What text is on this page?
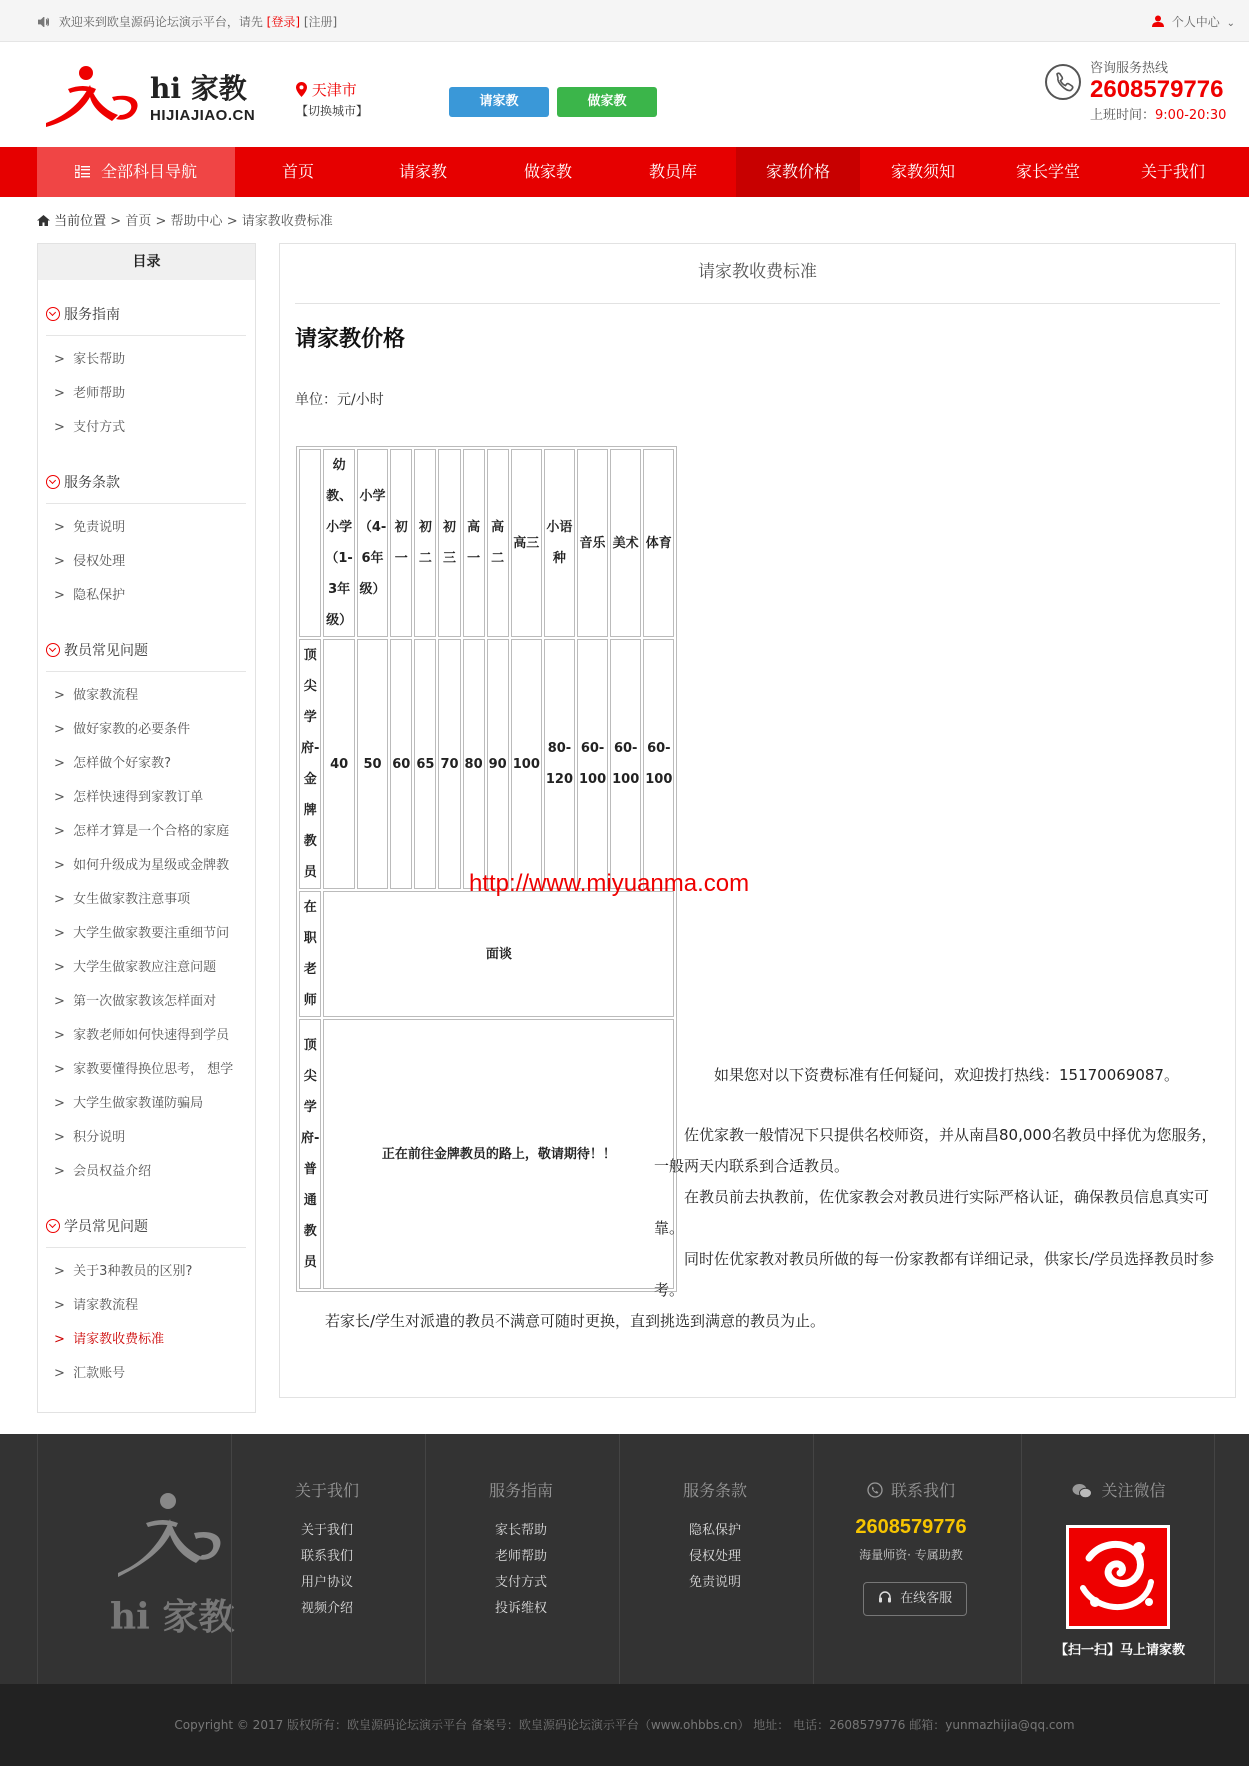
欢迎来到欧皇源码论坛演示平台，请先 [登录] [注册]	个人中心 ⌄
hi 家教
HIJIAJIAO.CN
天津市
【切换城市】
请家教	做家教
咨询服务热线
2608579776
上班时间：9:00-20:30
全部科目导航	首页	请家教	做家教	教员库	家教价格	家教须知	家长学堂	关于我们
当前位置 > 首页 > 帮助中心 > 请家教收费标准
目录
服务指南
>  家长帮助
>  老师帮助
>  支付方式
服务条款
>  免责说明
>  侵权处理
>  隐私保护
教员常见问题
>  做家教流程
>  做好家教的必要条件
>  怎样做个好家教?
>  怎样快速得到家教订单
>  怎样才算是一个合格的家庭
>  如何升级成为星级或金牌教
>  女生做家教注意事项
>  大学生做家教要注重细节问
>  大学生做家教应注意问题
>  第一次做家教该怎样面对
>  家教老师如何快速得到学员
>  家教要懂得换位思考， 想学
>  大学生做家教谨防骗局
>  积分说明
>  会员权益介绍
学员常见问题
>  关于3种教员的区别?
>  请家教流程
>  请家教收费标准
>  汇款账号
请家教收费标准
请家教价格
单位：元/小时
	幼教、小学（1-3年级）	小学（4-6年级）	初一	初二	初三	高一	高二	高三	小语种	音乐	美术	体育
顶尖学府-金牌教员	40	50	60	65	70	80	90	100	80-120	60-100	60-100	60-100
在职老师	面谈											
顶尖学府-普通教员	正在前往金牌教员的路上，敬请期待！！											
  如果您对以下资费标准有任何疑问，欢迎拨打热线：15170069087。
  佐优家教一般情况下只提供名校师资，并从南昌80,000名教员中择优为您服务，一般两天内联系到合适教员。
  在教员前去执教前，佐优家教会对教员进行实际严格认证，确保教员信息真实可靠。
  同时佐优家教对教员所做的每一份家教都有详细记录，供家长/学员选择教员时参考。
  若家长/学生对派遣的教员不满意可随时更换，直到挑选到满意的教员为止。
http://www.miyuanma.com
hi 家教
关于我们
关于我们
联系我们
用户协议
视频介绍
服务指南
家长帮助
老师帮助
支付方式
投诉维权
服务条款
隐私保护
侵权处理
免责说明
联系我们
2608579776
海量师资· 专属助教
在线客服
关注微信
【扫一扫】马上请家教
Copyright © 2017 版权所有：欧皇源码论坛演示平台 备案号：欧皇源码论坛演示平台（www.ohbbs.cn） 地址： 电话：2608579776 邮箱：yunmazhijia@qq.com
